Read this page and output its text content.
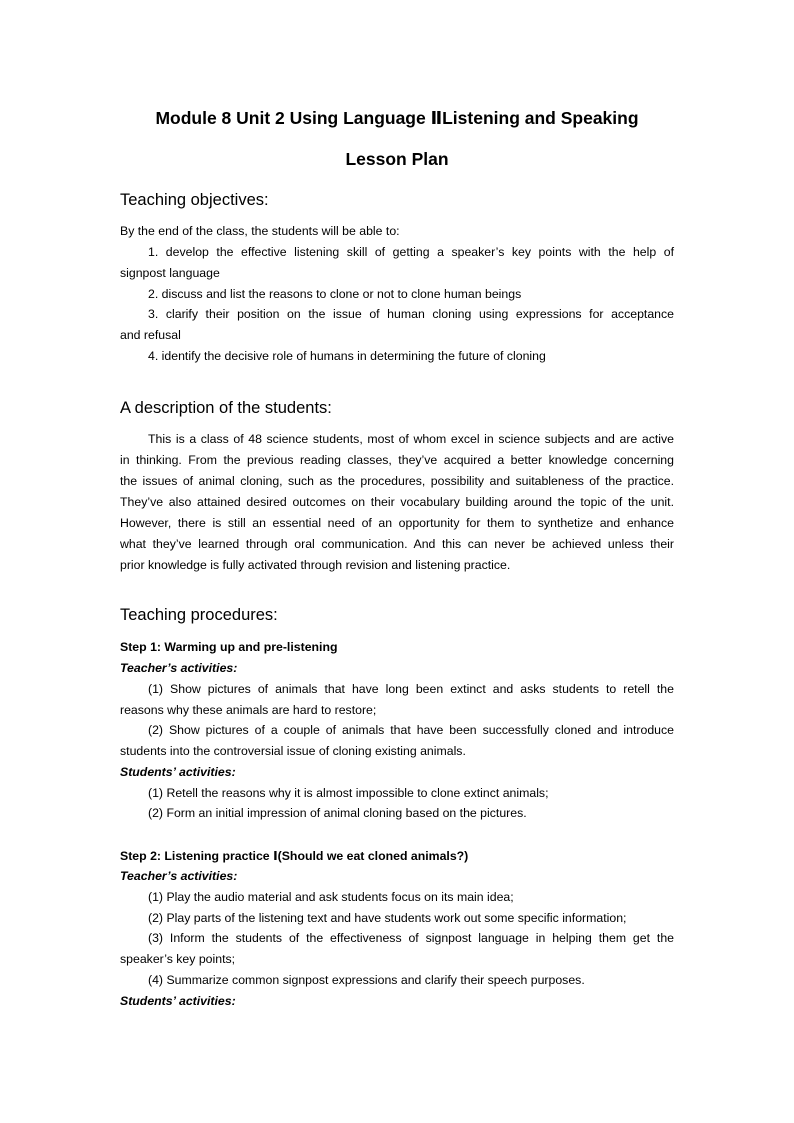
Module 8 Unit 2 Using Language ⅡListening and Speaking
Lesson Plan
Teaching objectives:
By the end of the class, the students will be able to:
1. develop the effective listening skill of getting a speaker’s key points with the help of
signpost language
2. discuss and list the reasons to clone or not to clone human beings
3. clarify their position on the issue of human cloning using expressions for acceptance
and refusal
4. identify the decisive role of humans in determining the future of cloning
A description of the students:
This is a class of 48 science students, most of whom excel in science subjects and are active
in thinking. From the previous reading classes, they’ve acquired a better knowledge concerning
the issues of animal cloning, such as the procedures, possibility and suitableness of the practice.
They’ve also attained desired outcomes on their vocabulary building around the topic of the unit.
However, there is still an essential need of an opportunity for them to synthetize and enhance
what they’ve learned through oral communication. And this can never be achieved unless their
prior knowledge is fully activated through revision and listening practice.
Teaching procedures:
Step 1: Warming up and pre-listening
Teacher’s activities:
(1) Show pictures of animals that have long been extinct and asks students to retell the
reasons why these animals are hard to restore;
(2) Show pictures of a couple of animals that have been successfully cloned and introduce
students into the controversial issue of cloning existing animals.
Students’ activities:
(1) Retell the reasons why it is almost impossible to clone extinct animals;
(2) Form an initial impression of animal cloning based on the pictures.
Step 2: Listening practice Ⅰ(Should we eat cloned animals?)
Teacher’s activities:
(1) Play the audio material and ask students focus on its main idea;
(2) Play parts of the listening text and have students work out some specific information;
(3) Inform the students of the effectiveness of signpost language in helping them get the
speaker’s key points;
(4) Summarize common signpost expressions and clarify their speech purposes.
Students’ activities:
